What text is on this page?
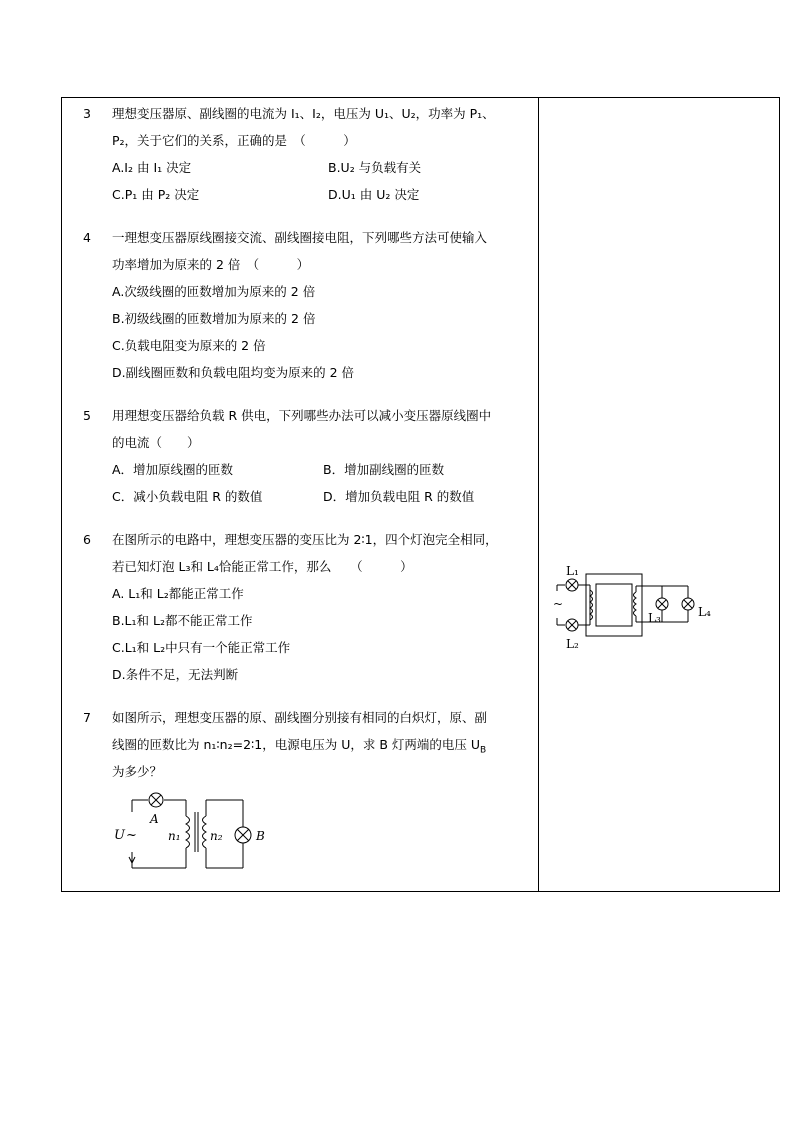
3 理想变压器原、副线圈的电流为 I₁、I₂，电压为 U₁、U₂，功率为 P₁、
P₂，关于它们的关系，正确的是　（　　　）
A.I₂ 由 I₁ 决定	B.U₂ 与负载有关
C.P₁ 由 P₂ 决定	D.U₁ 由 U₂ 决定
4 一理想变压器原线圈接交流、副线圈接电阻，下列哪些方法可使输入
功率增加为原来的 2 倍　（　　　）
A.次级线圈的匝数增加为原来的 2 倍
B.初级线圈的匝数增加为原来的 2 倍
C.负载电阻变为原来的 2 倍
D.副线圈匝数和负载电阻均变为原来的 2 倍
5 用理想变压器给负载 R 供电，下列哪些办法可以减小变压器原线圈中
的电流（　　）
A．增加原线圈的匝数	B．增加副线圈的匝数
C．减小负载电阻 R 的数值	D．增加负载电阻 R 的数值
6 在图所示的电路中，理想变压器的变压比为 2∶1，四个灯泡完全相同，
若已知灯泡 L₃和 L₄恰能正常工作，那么　　（　　　）
A. L₁和 L₂都能正常工作
B.L₁和 L₂都不能正常工作
C.L₁和 L₂中只有一个能正常工作
D.条件不足，无法判断
7 如图所示，理想变压器的原、副线圈分别接有相同的白炽灯，原、副
线圈的匝数比为 n₁∶n₂=2∶1，电源电压为 U，求 B 灯两端的电压 $U_B$
为多少？
L₁
~
L₂
L₃	L₄
A
U ~	n₁ n₂	B
